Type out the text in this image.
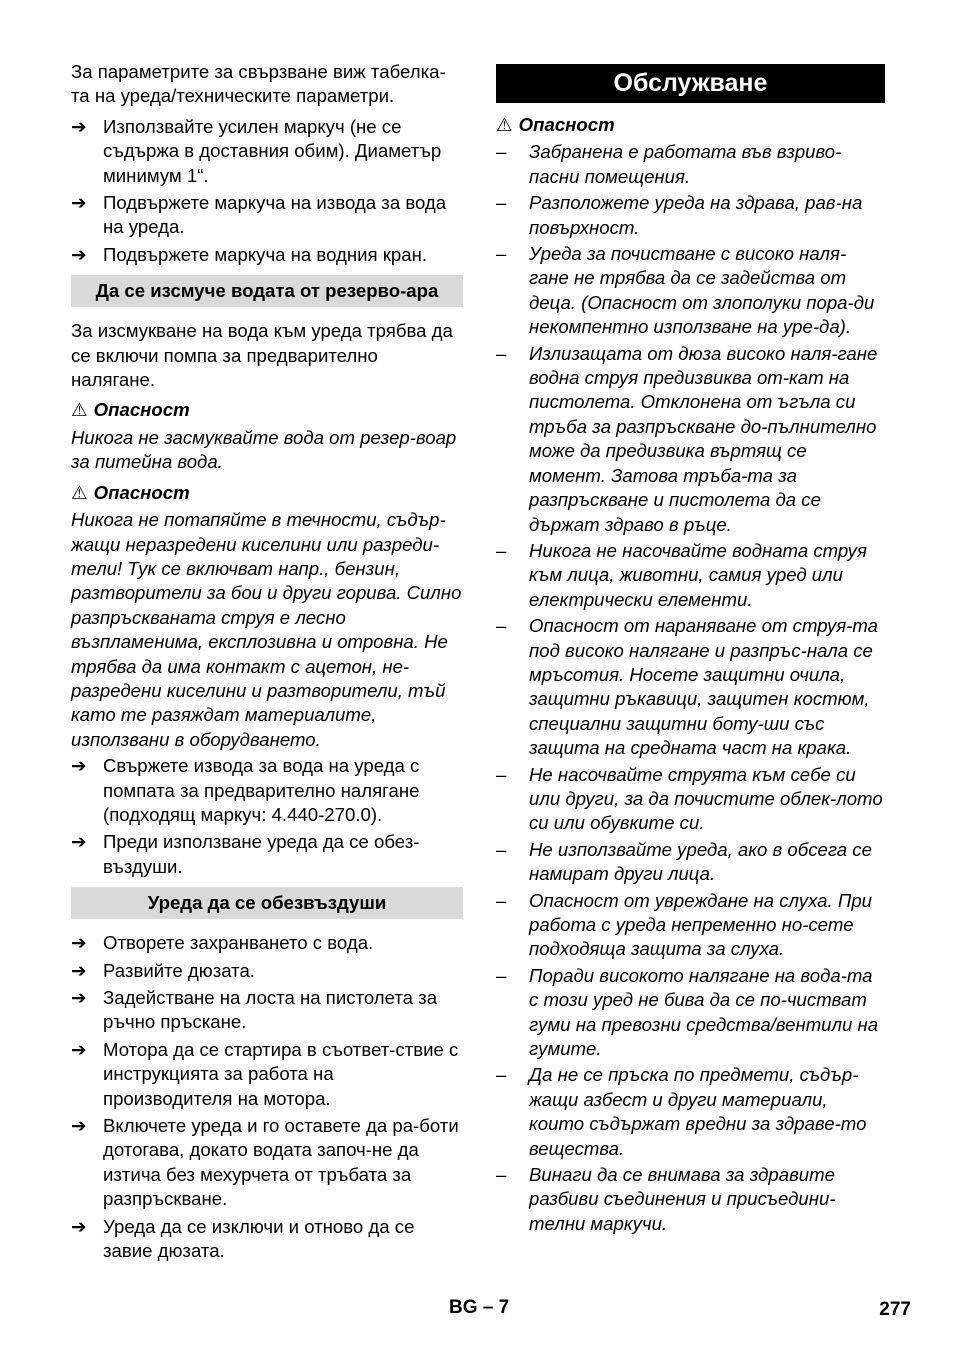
За параметрите за свързване виж табелка-та на уреда/техническите параметри.

➔ Използвайте усилен маркуч (не се съдържа в доставния обим). Диаметър минимум 1“.
➔ Подвържете маркуча на извода за вода на уреда.
➔ Подвържете маркуча на водния кран.
Да се изсмуче водата от резерво-ара

За изсмукване на вода към уреда трябва да се включи помпа за предварително налягане.

⚠ Опасност

Никога не засмуквайте вода от резер-воар за питейна вода.

⚠ Опасност

Никога не потапяйте в течности, съдър-жащи неразредени киселини или разреди-тели! Тук се включват напр., бензин, разтворители за бои и други горива. Силно разпръскваната струя е лесно възпламенима, експлозивна и отровна. Не трябва да има контакт с ацетон, не-разредени киселини и разтворители, тъй като те разяждат материалите, използвани в оборудването.

➔ Свържете извода за вода на уреда с помпата за предварително налягане (подходящ маркуч: 4.440-270.0).
➔ Преди използване уреда да се обез-въздуши.
Уреда да се обезвъздуши
➔ Отворете захранването с вода.
➔ Развийте дюзата.
➔ Задействане на лоста на пистолета за ръчно пръскане.
➔ Мотора да се стартира в съответ-ствие с инструкцията за работа на производителя на мотора.
➔ Включете уреда и го оставете да ра-боти дотогава, докато водата започ-не да изтича без мехурчета от тръбата за разпръскване.
➔ Уреда да се изключи и отново да се завие дюзата.
Обслужване
⚠ Опасност
– Забранена е работата във взриво-пасни помещения.
– Разположете уреда на здрава, рав-на повърхност.
– Уреда за почистване с високо наля-гане не трябва да се задейства от деца. (Опасност от злополуки пора-ди некомпентно използване на уре-да).
– Излизащата от дюза високо наля-гане водна струя предизвиква от-кат на пистолета. Отклонена от ъгъла си тръба за разпръскване до-пълнително може да предизвика въртящ се момент. Затова тръба-та за разпръскване и пистолета да се държат здраво в ръце.
– Никога не насочвайте водната струя към лица, животни, самия уред или електрически елементи.
– Опасност от нараняване от струя-та под високо налягане и разпръс-нала се мръсотия. Носете защитни очила, защитни ръкавици, защитен костюм, специални защитни боту-ши със защита на средната част на крака.
– Не насочвайте струята към себе си или други, за да почистите облек-лото си или обувките си.
– Не използвайте уреда, ако в обсега се намират други лица.
– Опасност от увреждане на слуха. При работа с уреда непременно но-сете подходяща защита за слуха.
– Поради високото налягане на вода-та с този уред не бива да се по-чистват гуми на превозни средства/вентили на гумите.
– Да не се пръска по предмети, съдър-жащи азбест и други материали, които съдържат вредни за здраве-то вещества.
– Винаги да се внимава за здравите разбиви съединения и присъедини-телни маркучи.
BG – 7	277
